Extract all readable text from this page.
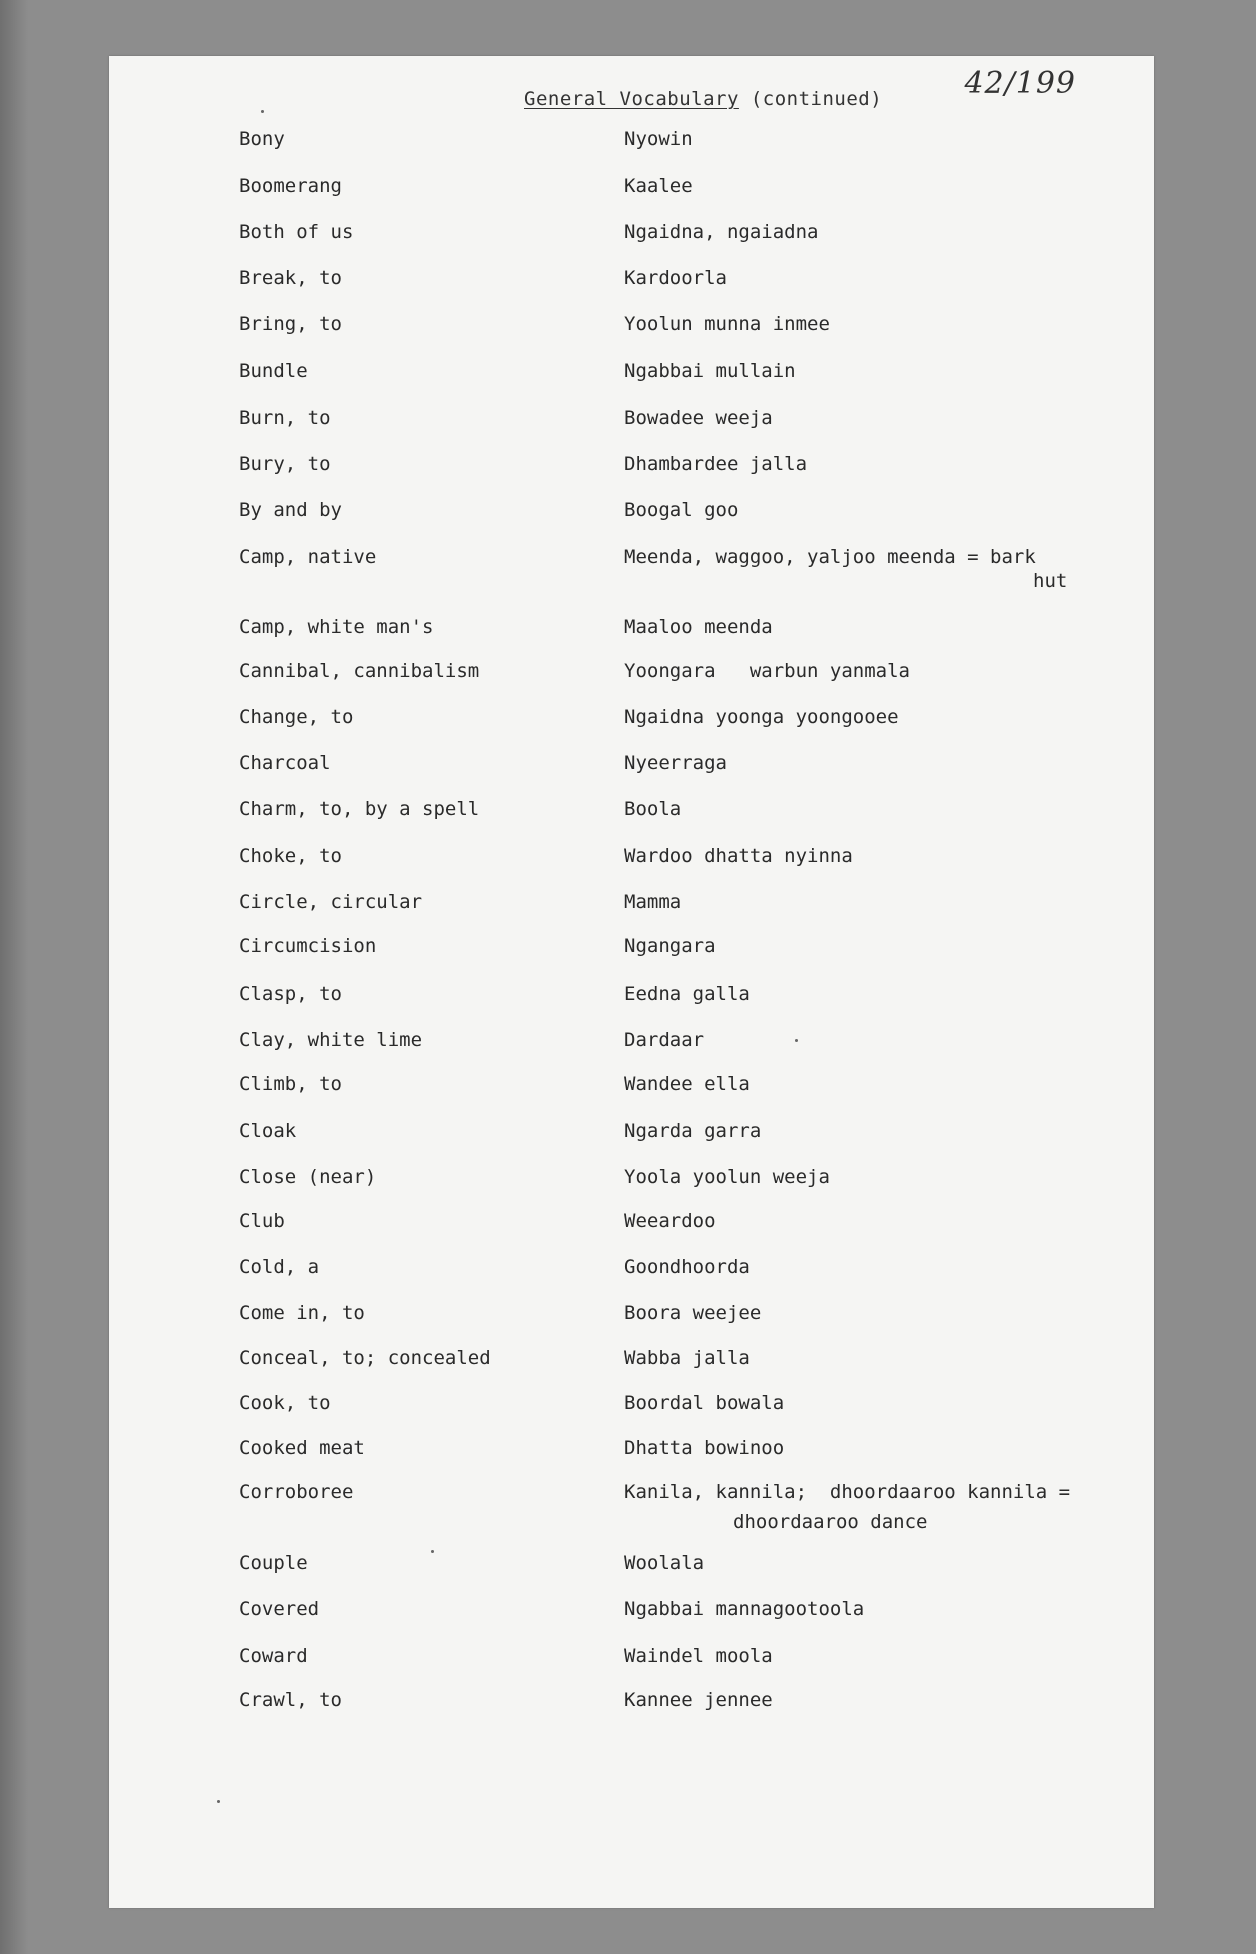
42/199
General Vocabulary (continued)
Bony	Nyowin
Boomerang	Kaalee
Both of us	Ngaidna, ngaiadna
Break, to	Kardoorla
Bring, to	Yoolun munna inmee
Bundle	Ngabbai mullain
Burn, to	Bowadee weeja
Bury, to	Dhambardee jalla
By and by	Boogal goo
Camp, native	Meenda, waggoo, yaljoo meenda = bark
hut
Camp, white man's	Maaloo meenda
Cannibal, cannibalism	Yoongara   warbun yanmala
Change, to	Ngaidna yoonga yoongooee
Charcoal	Nyeerraga
Charm, to, by a spell	Boola
Choke, to	Wardoo dhatta nyinna
Circle, circular	Mamma
Circumcision	Ngangara
Clasp, to	Eedna galla
Clay, white lime	Dardaar
Climb, to	Wandee ella
Cloak	Ngarda garra
Close (near)	Yoola yoolun weeja
Club	Weeardoo
Cold, a	Goondhoorda
Come in, to	Boora weejee
Conceal, to; concealed	Wabba jalla
Cook, to	Boordal bowala
Cooked meat	Dhatta bowinoo
Corroboree	Kanila, kannila;  dhoordaaroo kannila =
dhoordaaroo dance
Couple	Woolala
Covered	Ngabbai mannagootoola
Coward	Waindel moola
Crawl, to	Kannee jennee
